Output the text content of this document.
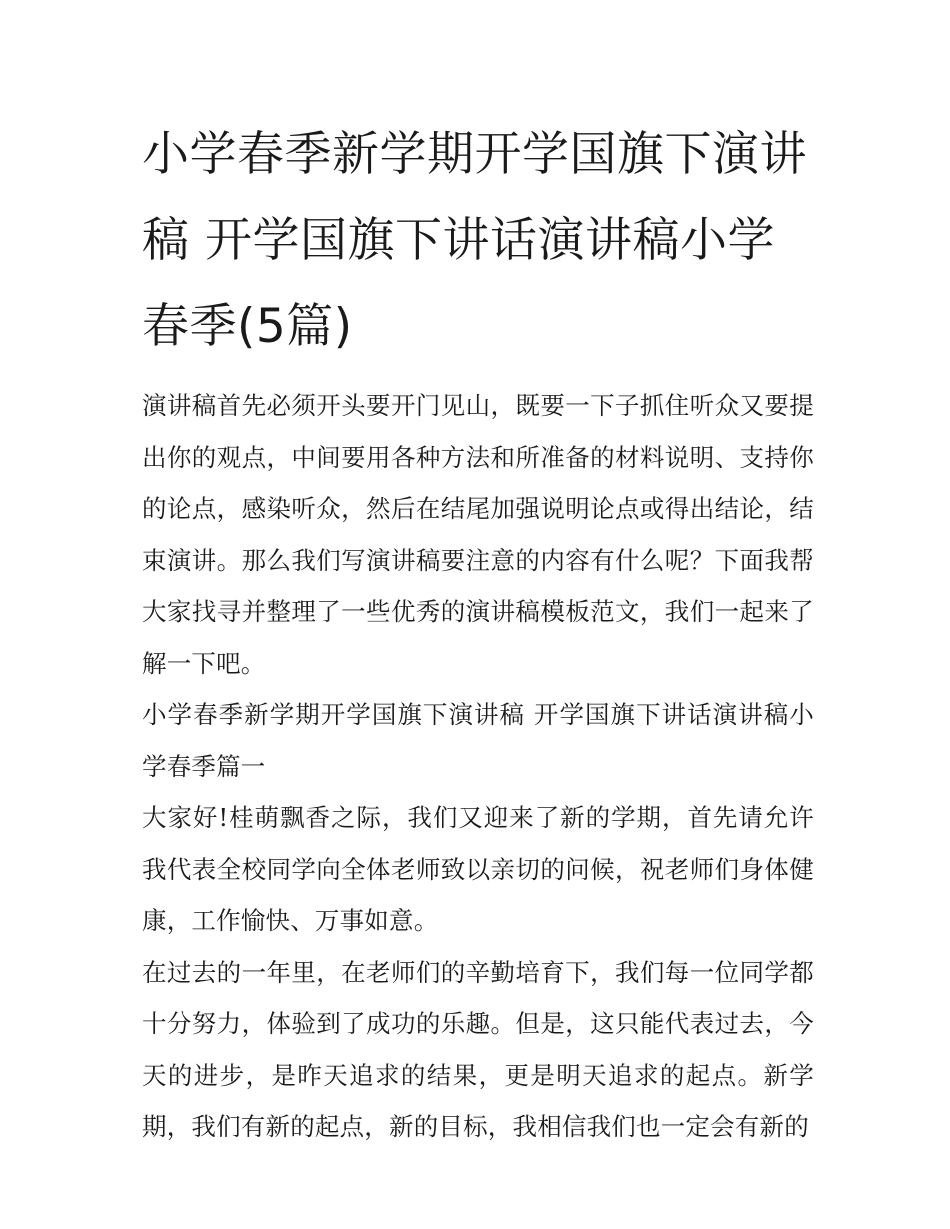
小学春季新学期开学国旗下演讲稿 开学国旗下讲话演讲稿小学春季(5篇)

演讲稿首先必须开头要开门见山，既要一下子抓住听众又要提出你的观点，中间要用各种方法和所准备的材料说明、支持你的论点，感染听众，然后在结尾加强说明论点或得出结论，结束演讲。那么我们写演讲稿要注意的内容有什么呢？下面我帮大家找寻并整理了一些优秀的演讲稿模板范文，我们一起来了解一下吧。

小学春季新学期开学国旗下演讲稿 开学国旗下讲话演讲稿小学春季篇一

大家好!桂萌飘香之际，我们又迎来了新的学期，首先请允许我代表全校同学向全体老师致以亲切的问候，祝老师们身体健康，工作愉快、万事如意。

在过去的一年里，在老师们的辛勤培育下，我们每一位同学都十分努力，体验到了成功的乐趣。但是，这只能代表过去，今天的进步，是昨天追求的结果，更是明天追求的起点。新学期，我们有新的起点，新的目标，我相信我们也一定会有新的
